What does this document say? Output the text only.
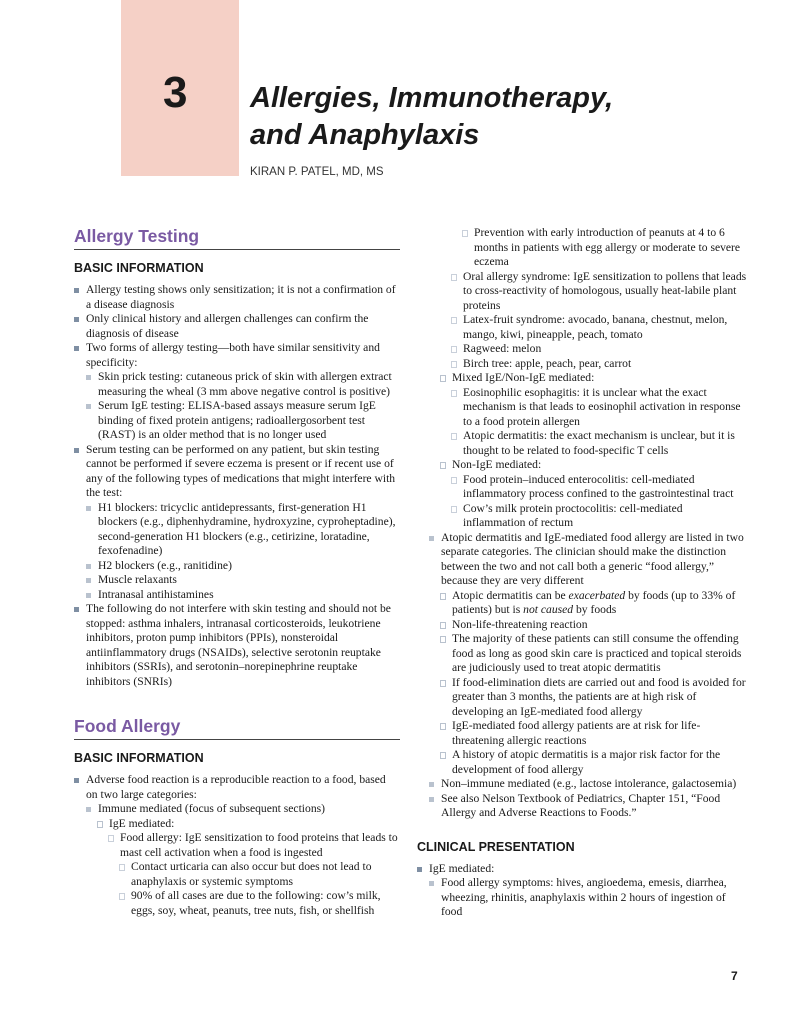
3 Allergies, Immunotherapy,
and Anaphylaxis
KIRAN P. PATEL, MD, MS
Allergy Testing
BASIC INFORMATION
Allergy testing shows only sensitization; it is not a confirmation of a disease diagnosis
Only clinical history and allergen challenges can confirm the diagnosis of disease
Two forms of allergy testing—both have similar sensitivity and specificity:
Skin prick testing: cutaneous prick of skin with allergen extract measuring the wheal (3 mm above negative control is positive)
Serum IgE testing: ELISA-based assays measure serum IgE binding of fixed protein antigens; radioallergosorbent test (RAST) is an older method that is no longer used
Serum testing can be performed on any patient, but skin testing cannot be performed if severe eczema is present or if recent use of any of the following types of medications that might interfere with the test:
H1 blockers: tricyclic antidepressants, first-generation H1 blockers (e.g., diphenhydramine, hydroxyzine, cyproheptadine), second-generation H1 blockers (e.g., cetirizine, loratadine, fexofenadine)
H2 blockers (e.g., ranitidine)
Muscle relaxants
Intranasal antihistamines
The following do not interfere with skin testing and should not be stopped: asthma inhalers, intranasal corticosteroids, leukotriene inhibitors, proton pump inhibitors (PPIs), nonsteroidal antiinflammatory drugs (NSAIDs), selective serotonin reuptake inhibitors (SSRIs), and serotonin–norepinephrine reuptake inhibitors (SNRIs)
Food Allergy
BASIC INFORMATION
Adverse food reaction is a reproducible reaction to a food, based on two large categories:
Immune mediated (focus of subsequent sections)
IgE mediated:
Food allergy: IgE sensitization to food proteins that leads to mast cell activation when a food is ingested
Contact urticaria can also occur but does not lead to anaphylaxis or systemic symptoms
90% of all cases are due to the following: cow’s milk, eggs, soy, wheat, peanuts, tree nuts, fish, or shellfish
Prevention with early introduction of peanuts at 4 to 6 months in patients with egg allergy or moderate to severe eczema
Oral allergy syndrome: IgE sensitization to pollens that leads to cross-reactivity of homologous, usually heat-labile plant proteins
Latex-fruit syndrome: avocado, banana, chestnut, melon, mango, kiwi, pineapple, peach, tomato
Ragweed: melon
Birch tree: apple, peach, pear, carrot
Mixed IgE/Non-IgE mediated:
Eosinophilic esophagitis: it is unclear what the exact mechanism is that leads to eosinophil activation in response to a food protein allergen
Atopic dermatitis: the exact mechanism is unclear, but it is thought to be related to food-specific T cells
Non-IgE mediated:
Food protein–induced enterocolitis: cell-mediated inflammatory process confined to the gastrointestinal tract
Cow’s milk protein proctocolitis: cell-mediated inflammation of rectum
Atopic dermatitis and IgE-mediated food allergy are listed in two separate categories. The clinician should make the distinction between the two and not call both a generic “food allergy,” because they are very different
Atopic dermatitis can be exacerbated by foods (up to 33% of patients) but is not caused by foods
Non-life-threatening reaction
The majority of these patients can still consume the offending food as long as good skin care is practiced and topical steroids are judiciously used to treat atopic dermatitis
If food-elimination diets are carried out and food is avoided for greater than 3 months, the patients are at high risk of developing an IgE-mediated food allergy
IgE-mediated food allergy patients are at risk for life-threatening allergic reactions
A history of atopic dermatitis is a major risk factor for the development of food allergy
Non–immune mediated (e.g., lactose intolerance, galactosemia)
See also Nelson Textbook of Pediatrics, Chapter 151, “Food Allergy and Adverse Reactions to Foods.”
CLINICAL PRESENTATION
IgE mediated:
Food allergy symptoms: hives, angioedema, emesis, diarrhea, wheezing, rhinitis, anaphylaxis within 2 hours of ingestion of food
7
